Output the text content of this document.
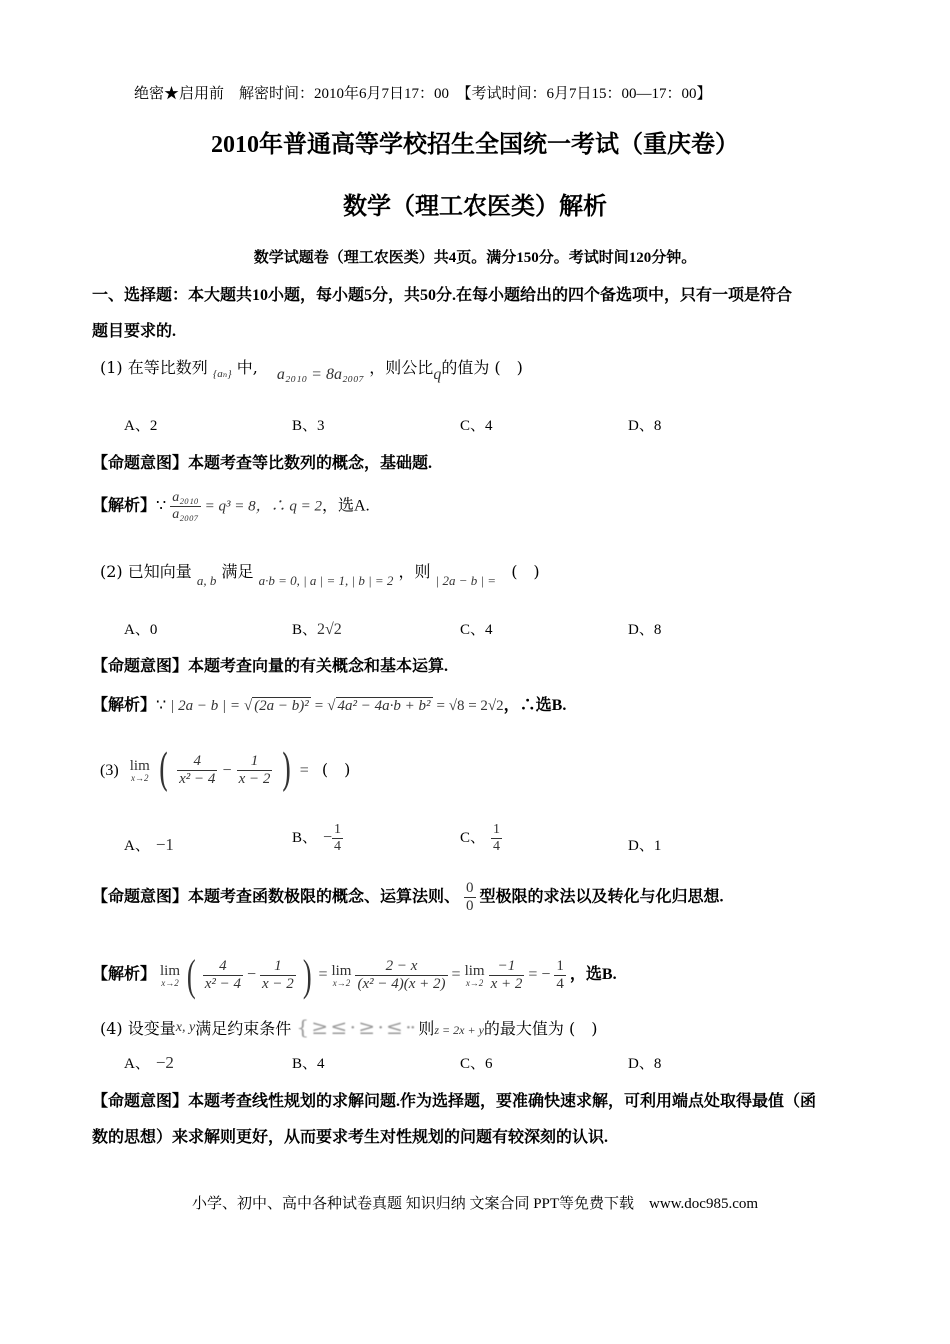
绝密★启用前　解密时间：2010年6月7日17：00　【考试时间：6月7日15：00—17：00】
2010年普通高等学校招生全国统一考试（重庆卷）
数学（理工农医类）解析
数学试题卷（理工农医类）共4页。满分150分。考试时间120分钟。
一、选择题：本大题共10小题，每小题5分，共50分.在每小题给出的四个备选项中，只有一项是符合
题目要求的.
(1) 在等比数列 $_{\{a_n\}}$ 中, a₂₀₁₀ = 8a₂₀₀₇ ，则公比q的值为 (　)
A、2	B、3	C、4	D、8
【命题意图】本题考查等比数列的概念，基础题.
【解析】∵ $\frac{\text{a₂₀₁₀}}{\text{a₂₀₀₇}} = q^3 = 8$，∴ q = 2，选A.
(2) 已知向量 $_{a, b}$ 满足 $_{a\cdot b = 0, | a | = 1, | b | = 2}$ ，则 $_{| 2a - b | =}$ (　)
A、0	B、2√2	C、4	D、8
【命题意图】本题考查向量的有关概念和基本运算.
【解析】∵ | 2a − b | = √ (2a − b)² = √ 4a² − 4a·b + b² = √8 = 2√2，∴选B.
(3) lim
x→2 ( $\frac{4}{\text{x² − 4}} - \frac{1}{x - 2}$ ) = (　)
A、 −1	B、 − $\frac{1}{4}$	C、 $\frac{1}{4}$	D、1
【命题意图】本题考查函数极限的概念、运算法则、 $\frac{0}{0}$ 型极限的求法以及转化与化归思想.
【解析】 lim
x→2 ( $\frac{4}{\text{x² − 4}} - \frac{1}{x - 2}$ ) = lim
x→2
$\frac{2 - x}{\text{(x² − 4)(x + 2)}} = \lim$
x→2
$\frac{-1}{x + 2}$ = − $\frac{1}{4}$ ，选B.
(4) 设变量x, y满足约束条件 { ≥ ≤ · ≥ · ≤ ·· 则z = 2x + y的最大值为 (　)
A、 −2	B、4	C、6	D、8
【命题意图】本题考查线性规划的求解问题.作为选择题，要准确快速求解，可利用端点处取得最值（函
数的思想）来求解则更好，从而要求考生对性规划的问题有较深刻的认识.
小学、初中、高中各种试卷真题 知识归纳 文案合同 PPT等免费下载　www.doc985.com
